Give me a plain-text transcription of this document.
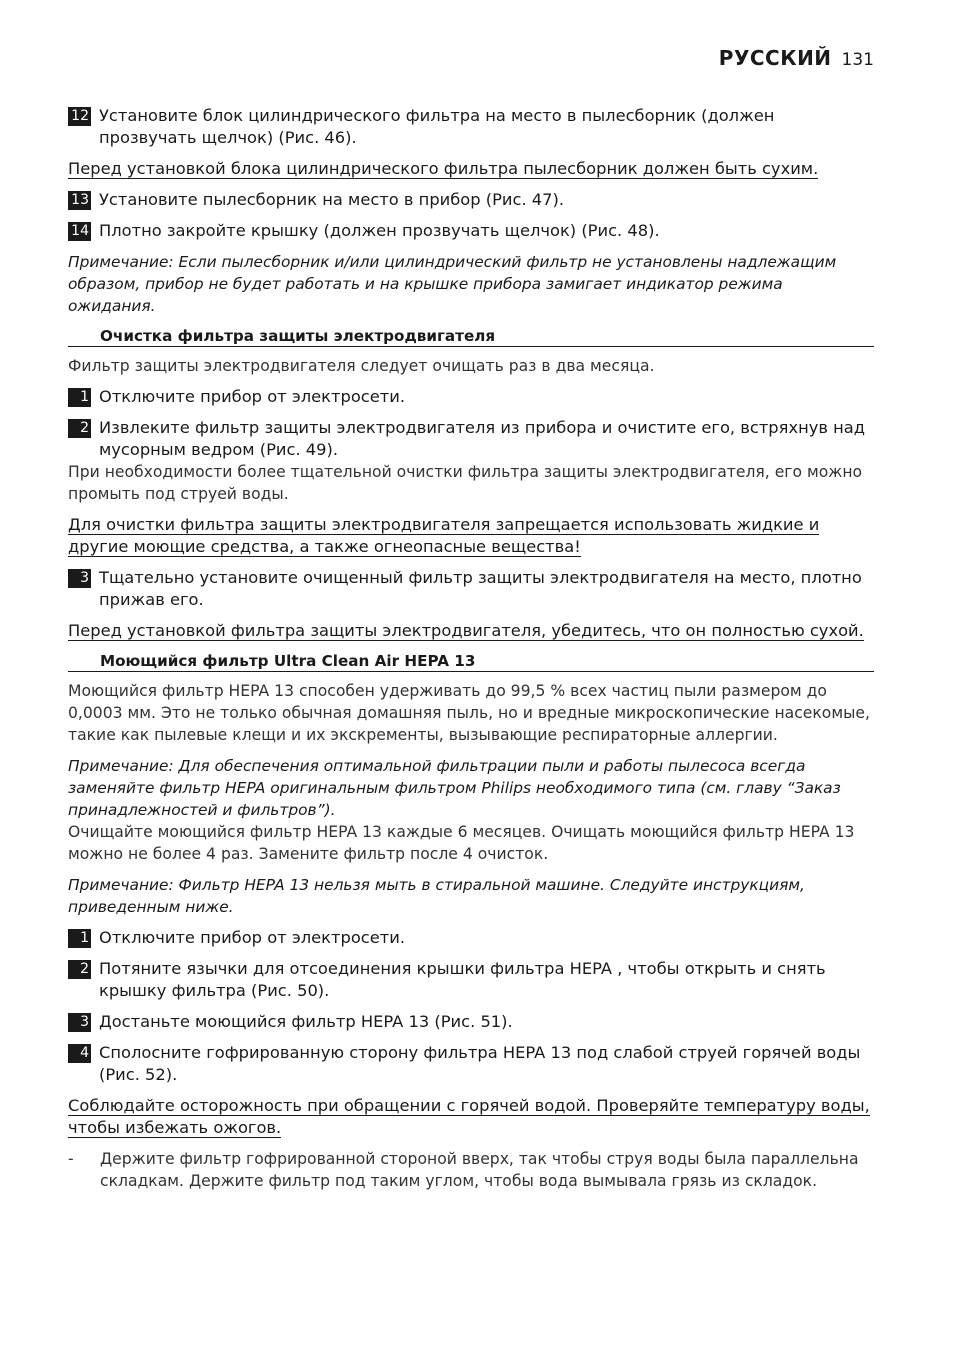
РУССКИЙ 131
12 Установите блок цилиндрического фильтра на место в пылесборник (должен прозвучать щелчок) (Рис. 46).
Перед установкой блока цилиндрического фильтра пылесборник должен быть сухим.
13 Установите пылесборник на место в прибор (Рис. 47).
14 Плотно закройте крышку (должен прозвучать щелчок) (Рис. 48).
Примечание: Если пылесборник и/или цилиндрический фильтр не установлены надлежащим образом, прибор не будет работать и на крышке прибора замигает индикатор режима ожидания.
Очистка фильтра защиты электродвигателя
Фильтр защиты электродвигателя следует очищать раз в два месяца.
1 Отключите прибор от электросети.
2 Извлеките фильтр защиты электродвигателя из прибора и очистите его, встряхнув над мусорным ведром (Рис. 49).
При необходимости более тщательной очистки фильтра защиты электродвигателя, его можно промыть под струей воды.
Для очистки фильтра защиты электродвигателя запрещается использовать жидкие и другие моющие средства, а также огнеопасные вещества!
3 Тщательно установите очищенный фильтр защиты электродвигателя на место, плотно прижав его.
Перед установкой фильтра защиты электродвигателя, убедитесь, что он полностью сухой.
Моющийся фильтр Ultra Clean Air HEPA 13
Моющийся фильтр HEPA 13 способен удерживать до 99,5 % всех частиц пыли размером до 0,0003 мм. Это не только обычная домашняя пыль, но и вредные микроскопические насекомые, такие как пылевые клещи и их экскременты, вызывающие респираторные аллергии.
Примечание: Для обеспечения оптимальной фильтрации пыли и работы пылесоса всегда заменяйте фильтр HEPA оригинальным фильтром Philips необходимого типа (см. главу “Заказ принадлежностей и фильтров”).
Очищайте моющийся фильтр HEPA 13 каждые 6 месяцев. Очищать моющийся фильтр HEPA 13 можно не более 4 раз. Замените фильтр после 4 очисток.
Примечание: Фильтр HEPA 13 нельзя мыть в стиральной машине. Следуйте инструкциям, приведенным ниже.
1 Отключите прибор от электросети.
2 Потяните язычки для отсоединения крышки фильтра HEPA , чтобы открыть и снять крышку фильтра (Рис. 50).
3 Достаньте моющийся фильтр HEPA 13 (Рис. 51).
4 Сполосните гофрированную сторону фильтра HEPA 13 под слабой струей горячей воды (Рис. 52).
Соблюдайте осторожность при обращении с горячей водой. Проверяйте температуру воды, чтобы избежать ожогов.
-	Держите фильтр гофрированной стороной вверх, так чтобы струя воды была параллельна складкам. Держите фильтр под таким углом, чтобы вода вымывала грязь из складок.
